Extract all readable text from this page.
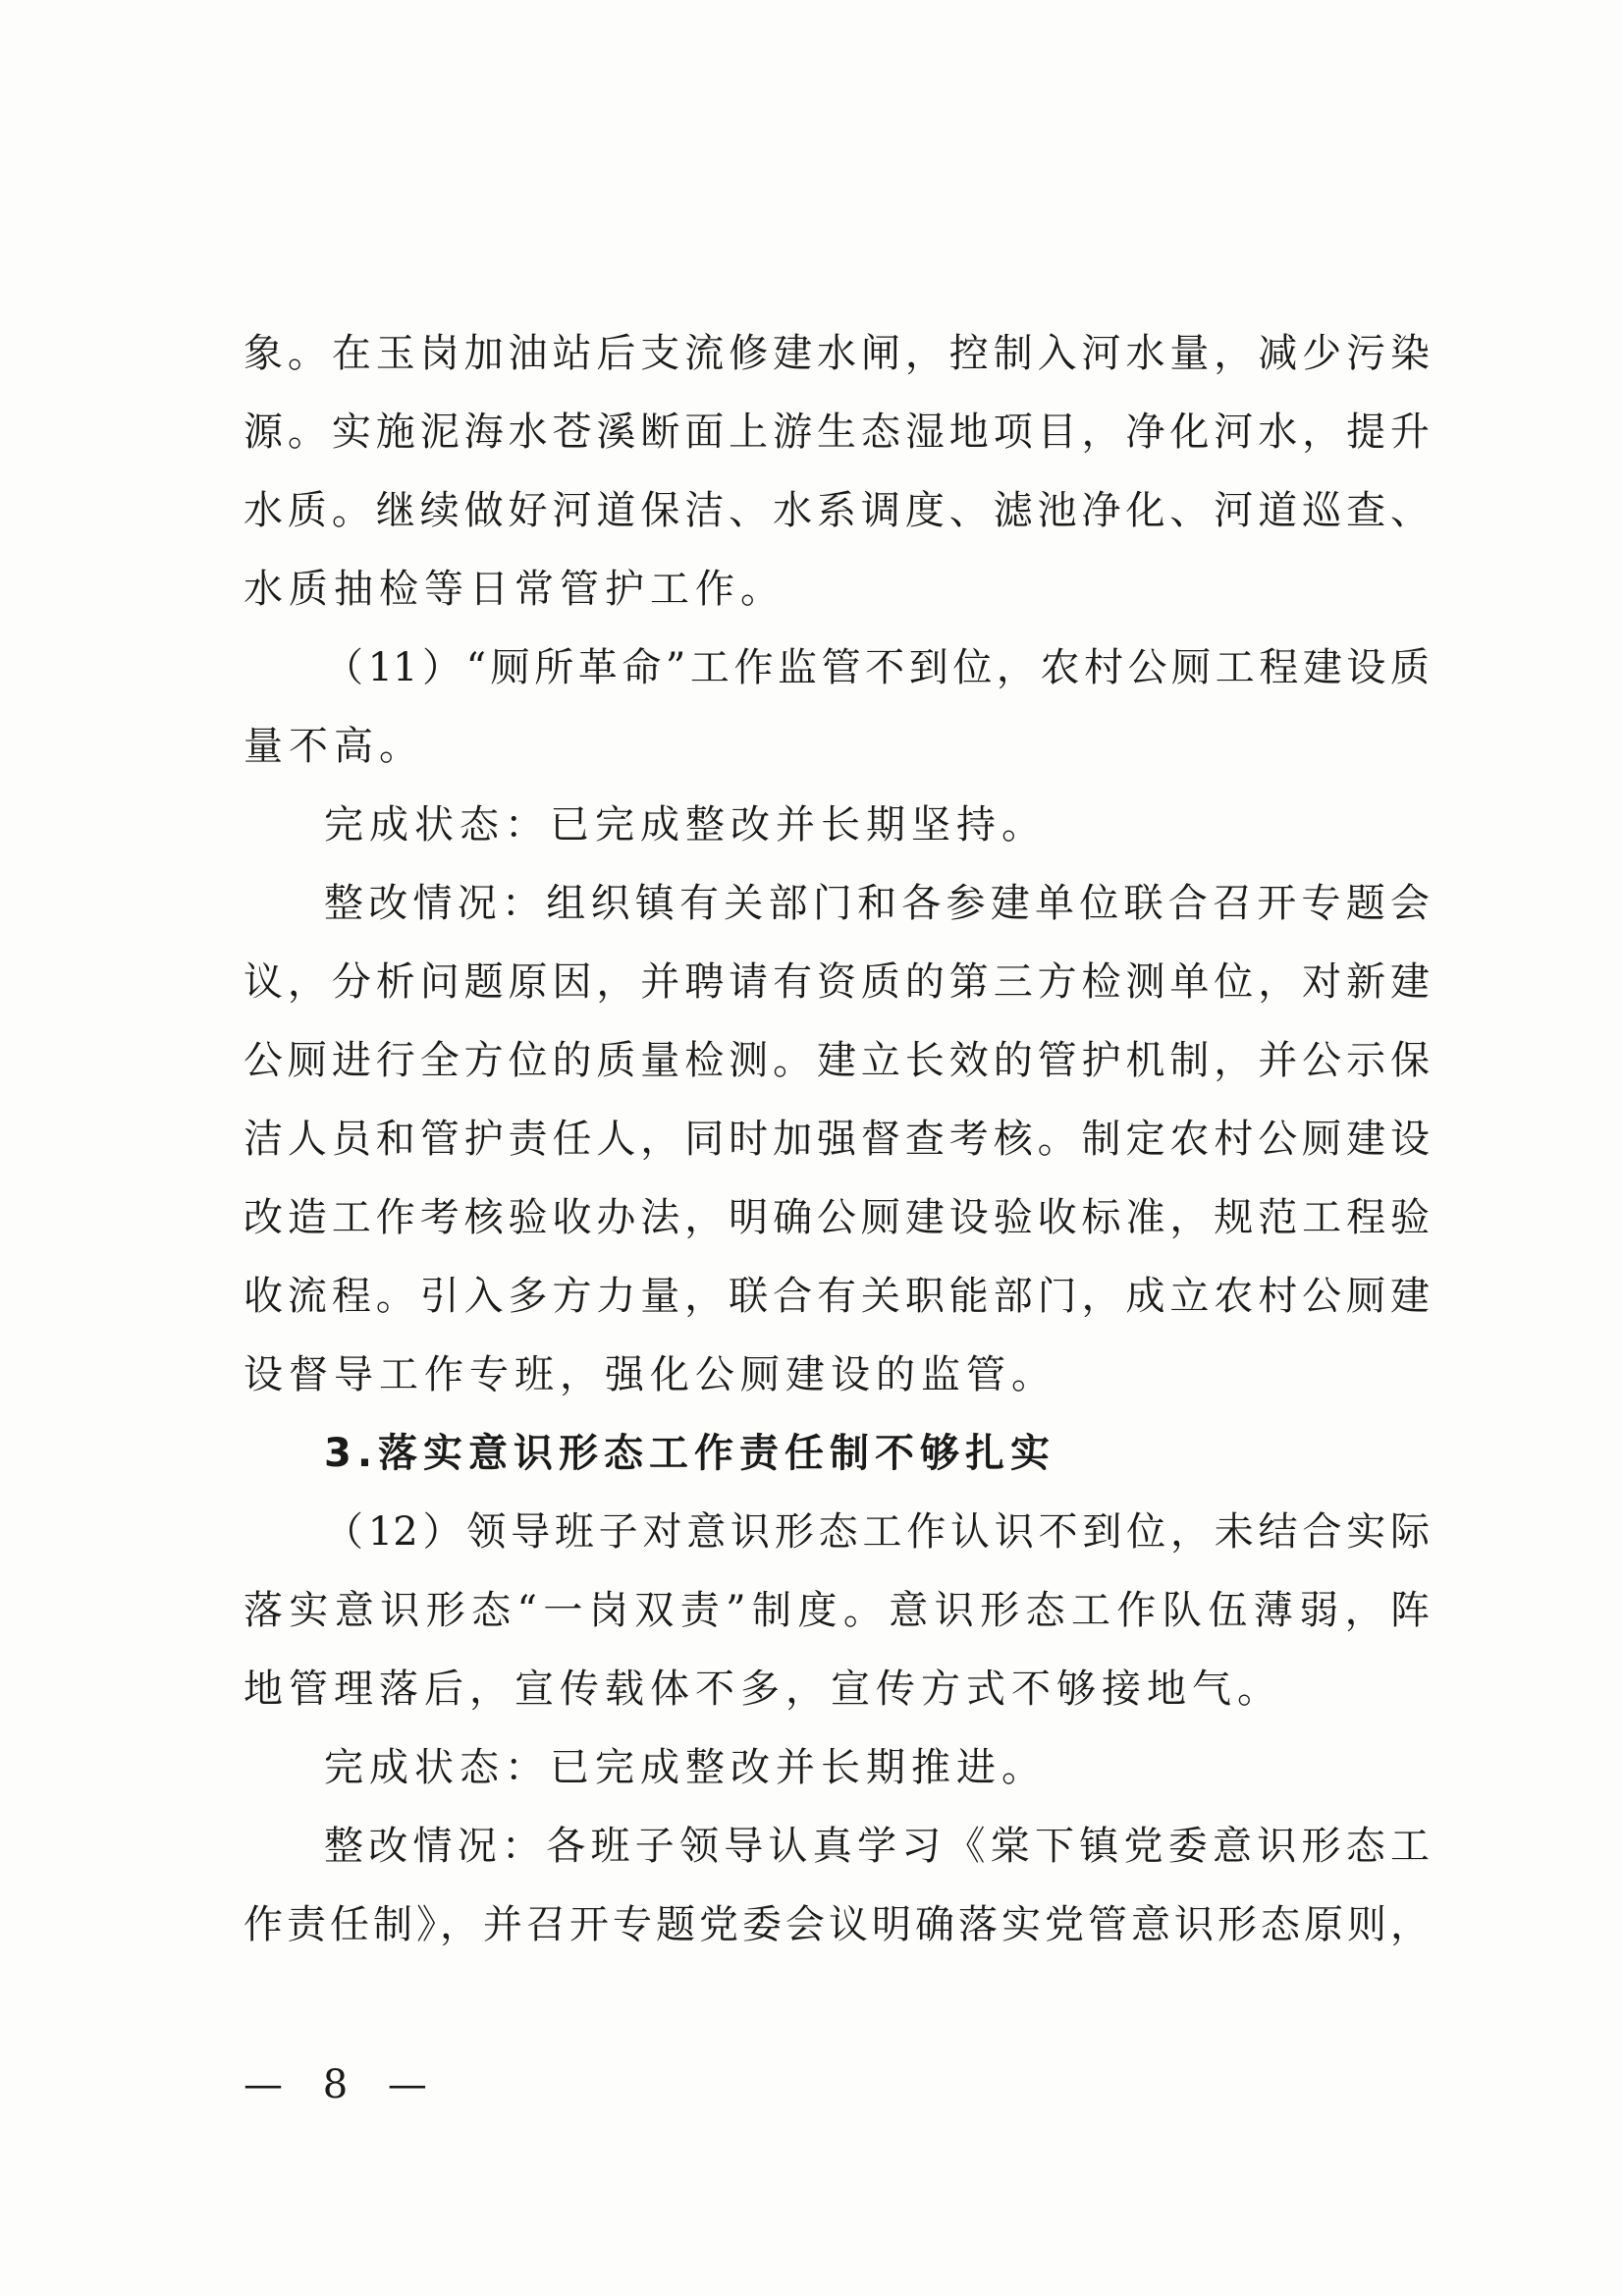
象。在玉岗加油站后支流修建水闸，控制入河水量，减少污染
源。实施泥海水苍溪断面上游生态湿地项目，净化河水，提升
水质。继续做好河道保洁、水系调度、滤池净化、河道巡查、
水质抽检等日常管护工作。
（11）“厕所革命”工作监管不到位，农村公厕工程建设质
量不高。
完成状态：已完成整改并长期坚持。
整改情况：组织镇有关部门和各参建单位联合召开专题会
议，分析问题原因，并聘请有资质的第三方检测单位，对新建
公厕进行全方位的质量检测。建立长效的管护机制，并公示保
洁人员和管护责任人，同时加强督查考核。制定农村公厕建设
改造工作考核验收办法，明确公厕建设验收标准，规范工程验
收流程。引入多方力量，联合有关职能部门，成立农村公厕建
设督导工作专班，强化公厕建设的监管。
3.落实意识形态工作责任制不够扎实
（12）领导班子对意识形态工作认识不到位，未结合实际
落实意识形态“一岗双责”制度。意识形态工作队伍薄弱，阵
地管理落后，宣传载体不多，宣传方式不够接地气。
完成状态：已完成整改并长期推进。
整改情况：各班子领导认真学习《棠下镇党委意识形态工
作责任制》，并召开专题党委会议明确落实党管意识形态原则，
— 8 —
